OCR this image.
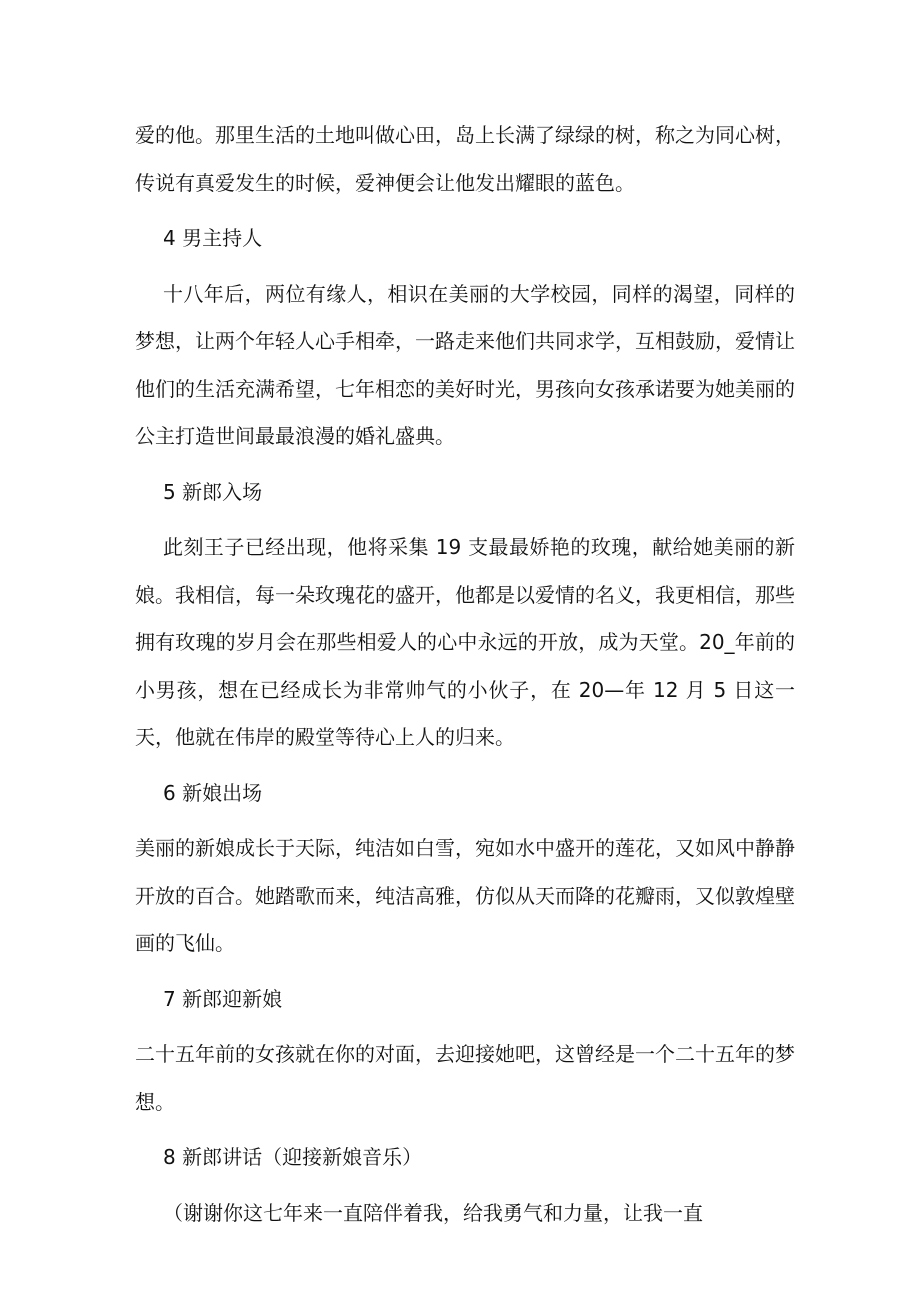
爱的他。那里生活的土地叫做心田，岛上长满了绿绿的树，称之为同心树，传说有真爱发生的时候，爱神便会让他发出耀眼的蓝色。

4 男主持人

十八年后，两位有缘人，相识在美丽的大学校园，同样的渴望，同样的梦想，让两个年轻人心手相牵，一路走来他们共同求学，互相鼓励，爱情让他们的生活充满希望，七年相恋的美好时光，男孩向女孩承诺要为她美丽的公主打造世间最最浪漫的婚礼盛典。

5 新郎入场

此刻王子已经出现，他将采集 19 支最最娇艳的玫瑰，献给她美丽的新娘。我相信，每一朵玫瑰花的盛开，他都是以爱情的名义，我更相信，那些拥有玫瑰的岁月会在那些相爱人的心中永远的开放，成为天堂。20_年前的小男孩，想在已经成长为非常帅气的小伙子，在 20—年 12 月 5 日这一天，他就在伟岸的殿堂等待心上人的归来。

6 新娘出场

美丽的新娘成长于天际，纯洁如白雪，宛如水中盛开的莲花，又如风中静静开放的百合。她踏歌而来，纯洁高雅，仿似从天而降的花瓣雨，又似敦煌壁画的飞仙。

7 新郎迎新娘

二十五年前的女孩就在你的对面，去迎接她吧，这曾经是一个二十五年的梦想。

8 新郎讲话（迎接新娘音乐）

（谢谢你这七年来一直陪伴着我，给我勇气和力量，让我一直
